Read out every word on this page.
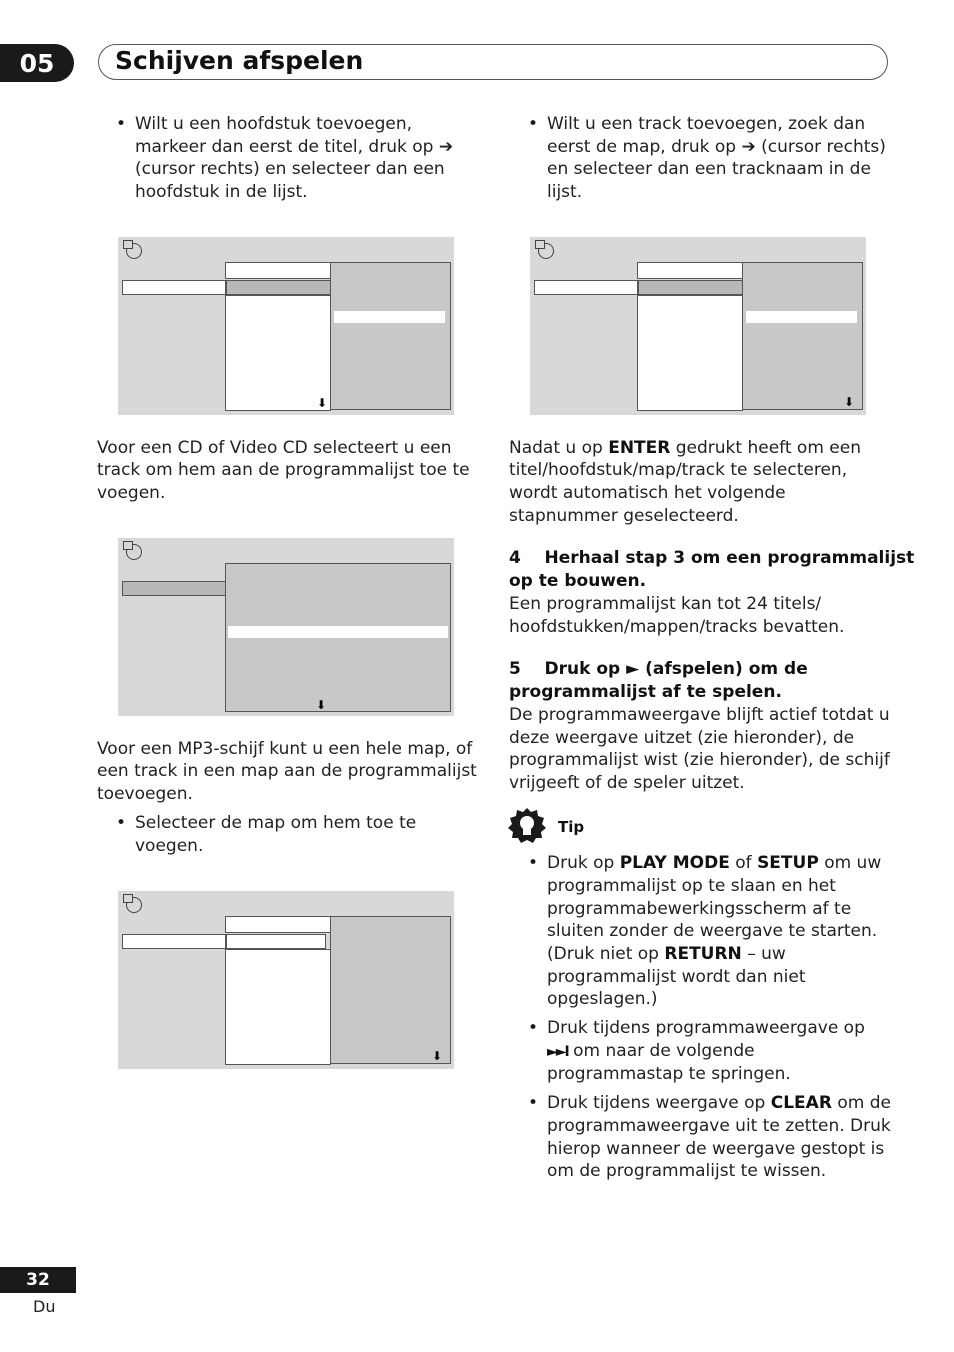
05	Schijven afspelen
• Wilt u een hoofdstuk toevoegen,
markeer dan eerst de titel, druk op ➔
(cursor rechts) en selecteer dan een
hoofdstuk in de lijst.
⬇
Voor een CD of Video CD selecteert u een
track om hem aan de programmalijst toe te
voegen.
⬇
Voor een MP3-schijf kunt u een hele map, of
een track in een map aan de programmalijst
toevoegen.
• Selecteer de map om hem toe te
voegen.
⬇
• Wilt u een track toevoegen, zoek dan
eerst de map, druk op ➔ (cursor rechts)
en selecteer dan een tracknaam in de
lijst.
⬇
Nadat u op ENTER gedrukt heeft om een
titel/hoofdstuk/map/track te selecteren,
wordt automatisch het volgende
stapnummer geselecteerd.
4    Herhaal stap 3 om een programmalijst
op te bouwen.
Een programmalijst kan tot 24 titels/
hoofdstukken/mappen/tracks bevatten.
5    Druk op ► (afspelen) om de
programmalijst af te spelen.
De programmaweergave blijft actief totdat u
deze weergave uitzet (zie hieronder), de
programmalijst wist (zie hieronder), de schijf
vrijgeeft of de speler uitzet.
Tip
• Druk op PLAY MODE of SETUP om uw
programmalijst op te slaan en het
programmabewerkingsscherm af te
sluiten zonder de weergave te starten.
(Druk niet op RETURN – uw
programmalijst wordt dan niet
opgeslagen.)
• Druk tijdens programmaweergave op
►►I om naar de volgende
programmastap te springen.
• Druk tijdens weergave op CLEAR om de
programmaweergave uit te zetten. Druk
hierop wanneer de weergave gestopt is
om de programmalijst te wissen.
32
Du
